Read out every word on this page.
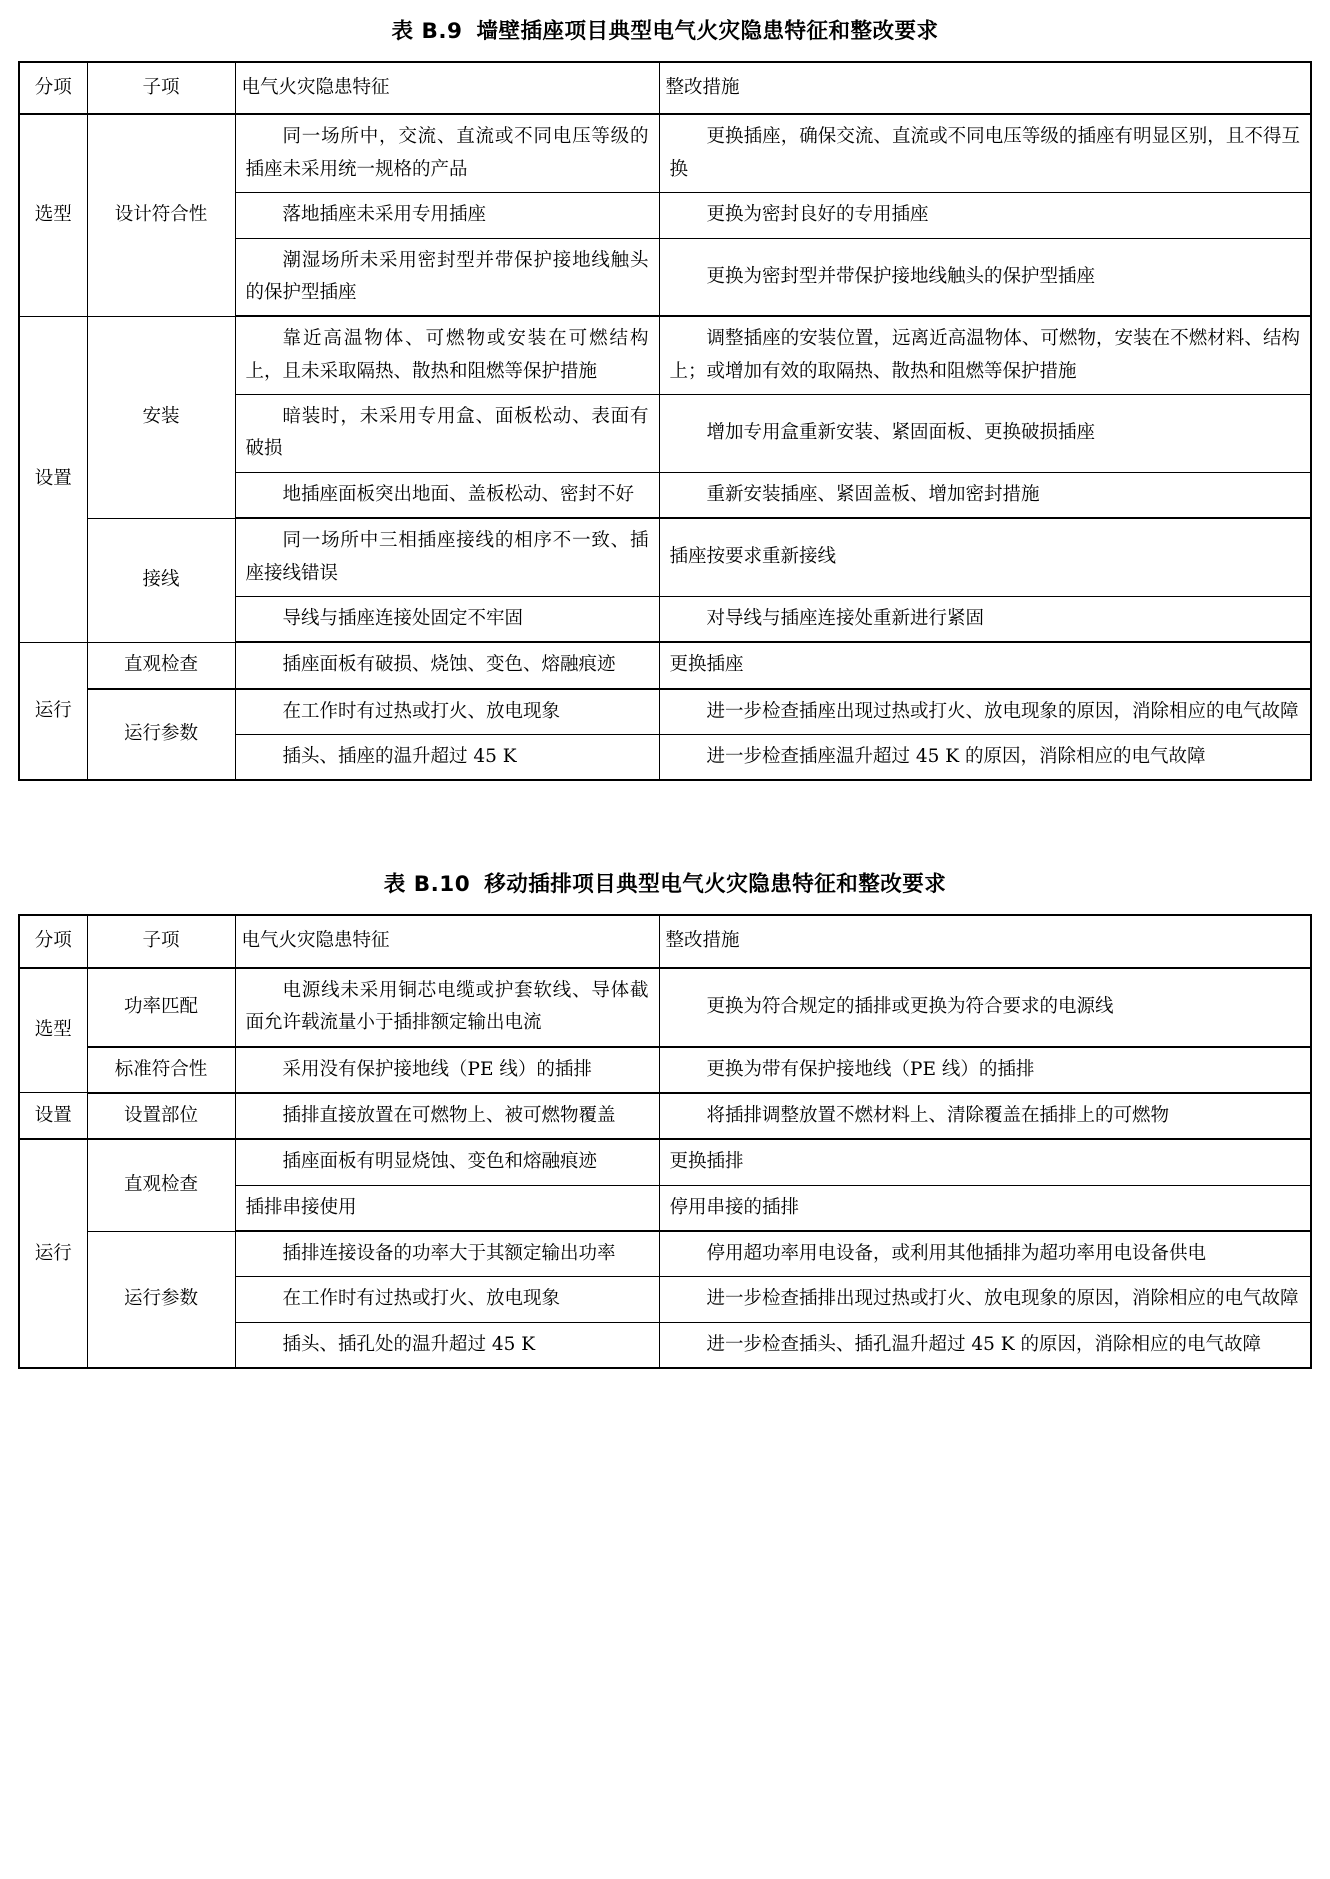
表 B.9 墙壁插座项目典型电气火灾隐患特征和整改要求
分项	子项	电气火灾隐患特征	整改措施
选型	设计符合性	同一场所中，交流、直流或不同电压等级的插座未采用统一规格的产品	更换插座，确保交流、直流或不同电压等级的插座有明显区别，且不得互换
		落地插座未采用专用插座	更换为密封良好的专用插座
		潮湿场所未采用密封型并带保护接地线触头的保护型插座	更换为密封型并带保护接地线触头的保护型插座
设置	安装	靠近高温物体、可燃物或安装在可燃结构上，且未采取隔热、散热和阻燃等保护措施	调整插座的安装位置，远离近高温物体、可燃物，安装在不燃材料、结构上；或增加有效的取隔热、散热和阻燃等保护措施
		暗装时，未采用专用盒、面板松动、表面有破损	增加专用盒重新安装、紧固面板、更换破损插座
		地插座面板突出地面、盖板松动、密封不好	重新安装插座、紧固盖板、增加密封措施
	接线	同一场所中三相插座接线的相序不一致、插座接线错误	插座按要求重新接线
		导线与插座连接处固定不牢固	对导线与插座连接处重新进行紧固
运行	直观检查	插座面板有破损、烧蚀、变色、熔融痕迹	更换插座
	运行参数	在工作时有过热或打火、放电现象	进一步检查插座出现过热或打火、放电现象的原因，消除相应的电气故障
		插头、插座的温升超过 45 K	进一步检查插座温升超过 45 K 的原因，消除相应的电气故障
表 B.10 移动插排项目典型电气火灾隐患特征和整改要求
分项	子项	电气火灾隐患特征	整改措施
选型	功率匹配	电源线未采用铜芯电缆或护套软线、导体截面允许载流量小于插排额定输出电流	更换为符合规定的插排或更换为符合要求的电源线
	标准符合性	采用没有保护接地线（PE 线）的插排	更换为带有保护接地线（PE 线）的插排
设置	设置部位	插排直接放置在可燃物上、被可燃物覆盖	将插排调整放置不燃材料上、清除覆盖在插排上的可燃物
运行	直观检查	插座面板有明显烧蚀、变色和熔融痕迹	更换插排
		插排串接使用	停用串接的插排
	运行参数	插排连接设备的功率大于其额定输出功率	停用超功率用电设备，或利用其他插排为超功率用电设备供电
		在工作时有过热或打火、放电现象	进一步检查插排出现过热或打火、放电现象的原因，消除相应的电气故障
		插头、插孔处的温升超过 45 K	进一步检查插头、插孔温升超过 45 K 的原因，消除相应的电气故障
